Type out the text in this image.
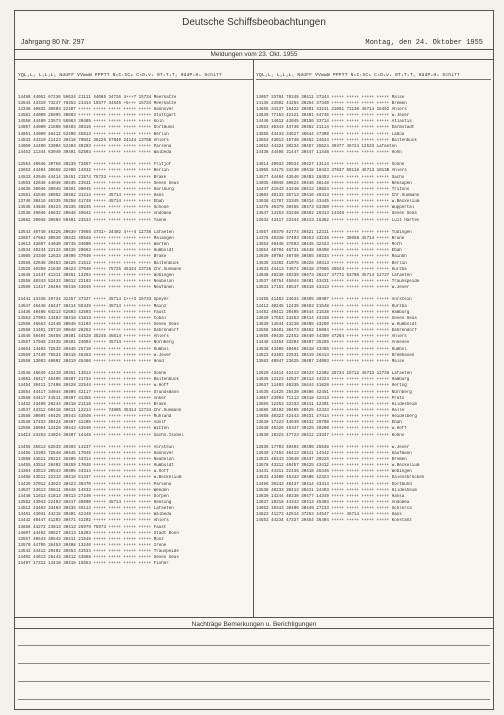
Deutsche Schiffsbeobachtungen
Jahrgang 80 Nr. 297	Montag, den 24. Oktober 1955
Meldungen vom 23. Okt. 1955

YQL₁L₁ L₁L₁L₁ NddFF VVwwW PPPTT NₕCₗhCₘ CₕDₛvₛ 0TₛTₛT₁ 0ddPₛHₛ Schiff

14488 44051 67236 50634 21111 44085 34726 4+++7 15734 Meerkatze
13544 44310 73247 76453 21414 15577 34645 +5+++ 15734 Meerkatze
14348 40832 30603 22407 +++++ +++++ +++++ +++++ +++++ Hannover
14581 44000 26995 30603 +++++ +++++ +++++ +++++ +++++ Stuttgart
14558 44400 23573 56963 30405 +++++ +++++ +++++ +++++ Köln
14057 44000 21508 50403 30316 +++++ +++++ +++++ +++++ Dortmund
14051 44000 46412 52406 45613 +++++ +++++ +++++ +++++ Berlin
14533 44310 21423 39418 70842 35226 57840 24144 1375B Ahlers
14050 44400 33004 52403 49203 +++++ +++++ +++++ +++++ Parsena
14453 11344 63040 30401 52503 +++++ +++++ +++++ +++++ Walbeda
13553 40646 30758 30239 72657 +++++ +++++ +++++ +++++ Fritjof
13653 44404 30658 32400 14832 +++++ +++++ +++++ +++++ Berlin
14533 43540 44414 35451 21574 75733 +++++ +++++ +++++ Brake
14553 42648 44048 30445 23531 +++++ +++++ +++++ +++++ Seven Seas
14635 30046 30945 30481 30045 +++++ +++++ +++++ +++++ Harlburg
13551 41546 30952 30482 31214 +++++ 45714 +++++ +++++ Hans
13746 30416 40335 35258 41748 +++++ 45714 +++++ +++++ Ebah
14536 44846 40423 35335 40245 +++++ +++++ +++++ +++++ Schone
13538 40046 48632 30848 40642 +++++ +++++ +++++ +++++ Andomea
13662 30046 30603 50401 23533 +++++ +++++ +++++ +++++ Tanne
13543 40740 46226 30639 73065 4731+ 34402 4+++4 12736 Lafaeten
13657 47663 30536 30442 40548 +++++ +++++ +++++ +++++ Malangen
14613 43607 44030 38745 34000 +++++ +++++ +++++ +++++ Warten
14534 40244 22133 30435 20663 +++++ +++++ +++++ +++++ Humboldt
14605 24340 12633 30406 37040 +++++ +++++ +++++ +++++ Brake
13556 42648 30453 38425 21512 +++++ +++++ +++++ +++++ Baltenbuck
13525 40350 21630 30423 37040 +++++ 75725 45324 13736 Chr.Suemann
14646 11447 41311 30451 13204 +++++ +++++ +++++ +++++ Wobingen
13558 40343 52433 30612 22103 +++++ +++++ +++++ +++++ Neubelon
13559 11417 26404 96416 43849 +++++ +++++ +++++ +++++ Neufanen
14441 13348 40734 32457 37347 +++++ 45714 1+++3 15733 Speyer
14547 46448 48447 38414 56349 +++++ 45714 +++++ +++++ Mainz
14436 40408 64213 52603 42503 +++++ +++++ +++++ +++++ Faust
14553 27093 14403 38416 41813 +++++ +++++ +++++ +++++ Cobal
13558 46653 42440 30648 51103 +++++ +++++ +++++ +++++ Seven Seas
13558 13401 29719 30648 28263 +++++ +++++ +++++ +++++ Dahrendorf
14545 40404 35458 30481 44528 35245 45614 +++++ +++++ Ahlers
14557 17046 23435 30481 24004 +++++ 45714 +++++ +++++ Nürnberg
14654 14403 72533 39445 25710 +++++ +++++ +++++ +++++ Kumbol
13559 17449 75534 30418 46453 +++++ +++++ +++++ +++++ w.Jever
13558 13603 40602 30419 45466 +++++ +++++ +++++ +++++ Hond
14548 46649 42419 30451 13614 +++++ +++++ +++++ +++++ Sonne
14602 46417 46405 30407 21734 +++++ +++++ +++++ +++++ Baltenbuck
14454 30411 17408 30428 32544 +++++ +++++ +++++ +++++ w.Hoff
13554 44417 34944 30405 42117 +++++ +++++ +++++ +++++ Grundsmann
13558 44417 44511 30407 31356 +++++ +++++ +++++ +++++ Anker
14432 43409 20244 30418 21116 +++++ +++++ +++++ +++++ Brake
14537 43312 50418 30611 12214 +++++ 74805 45314 12734 Chr.Suemann
13558 30604 46425 30443 43540 +++++ +++++ +++++ +++++ Ruhland
13538 17433 30424 30407 42205 +++++ +++++ +++++ +++++ Adolf
13558 10604 12428 30443 43540 +++++ +++++ +++++ +++++ Witten
14413 23253 24024 30407 14448 +++++ +++++ +++++ +++++ Sachs.Isobel
14455 35613 62533 30403 14237 +++++ +++++ +++++ +++++ Vorstein
14455 13303 72548 30446 17046 +++++ +++++ +++++ +++++ Hannover
14508 43511 20224 36405 44314 +++++ +++++ +++++ +++++ Neubelon
14455 43514 20402 30459 17046 +++++ +++++ +++++ +++++ Humboldt
14304 43513 20543 30405 44314 +++++ +++++ +++++ +++++ w.Hoff
14468 43511 22313 30418 61437 +++++ +++++ +++++ +++++ w.Beckelium
14439 37012 43923 30423 30470 +++++ +++++ +++++ +++++ Parsena
14537 13613 35811 30446 14533 +++++ +++++ +++++ +++++ Wenden
14448 11613 41813 30413 27240 +++++ +++++ +++++ +++++ Dörpen
13562 43043 22403 30417 45000 +++++ 45714 +++++ +++++ Hensing
14512 43403 33403 30435 45114 +++++ +++++ +++++ +++++ Lafaeten
14461 43041 44215 30401 42348 +++++ +++++ +++++ +++++ Walbeda
14442 40447 41203 30471 43202 +++++ +++++ +++++ +++++ Ahlers
14658 44272 23813 30413 25979 75973 +++++ +++++ +++++ Faust
14607 44462 30527 30413 16203 +++++ +++++ +++++ +++++ Stadt Bonn
13557 40543 30543 30411 21546 +++++ +++++ +++++ +++++ Monz
13570 44705 36453 30408 13240 +++++ +++++ +++++ +++++ Irene
14542 44412 20402 30453 43533 +++++ +++++ +++++ +++++ Trauspeide
14402 44613 26443 30412 43868 +++++ +++++ +++++ +++++ Seven Seas
14497 17312 14418 30415 15553 +++++ +++++ +++++ +++++ Fisher

YQL₁L₁ L₁L₁L₁ NddFF VVwwW PPPTT NₕCₗhCₘ CₕDₛvₛ 0TₛTₛT₁ 0ddPₛHₛ Schiff

14057 33704 70345 30411 37344 +++++ +++++ +++++ +++++ Malse
14135 24502 44254 30254 37340 +++++ +++++ +++++ +++++ Bremen
14655 34137 18422 30401 33241 21061 71136 45714 15492 Ahlers
13639 77153 42421 30401 44745 +++++ +++++ +++++ +++++ w.Jever
14446 14612 43045 30156 33714 +++++ +++++ +++++ +++++ Atlantis
13553 40343 44746 30402 21114 +++++ +++++ +++++ +++++ Darmstadt
14555 44433 34527 36644 47398 +++++ +++++ +++++ +++++ Laboa
13553 43813 46748 30452 24634 +++++ +++++ +++++ +++++ Baltenbuck
13653 44324 30234 30457 35524 39477 45724 12533 Lafaeten
14438 44406 31447 30447 11448 +++++ +++++ +++++ +++++ Hohn
14614 40933 39534 30427 13114 +++++ +++++ +++++ +++++ Sonne
14055 34175 34230 30418 18423 37637 55118 45713 1013B Ahlers
14577 44464 43546 30403 19453 +++++ +++++ +++++ +++++ Sachs
14035 40046 30624 30446 48148 +++++ +++++ +++++ +++++ Neksapen
14447 41543 43248 30413 10824 +++++ +++++ +++++ +++++ Tritons
14604 40133 35713 30416 45413 +++++ +++++ +++++ +++++ Chr.Suemann
13636 41707 33345 30414 43445 +++++ +++++ +++++ +++++ w.Beckelium
13376 40370 30465 30473 53350 +++++ +++++ +++++ +++++ Wuppertal
14547 14153 33248 30462 26313 14348 +++++ +++++ +++++ Seven Seas
13633 43417 33344 30413 15352 +++++ +++++ +++++ +++++ Luit Harten
14557 40370 42774 30421 12311 +++++ +++++ +++++ +++++ Tubingen
14378 40338 37403 30453 33248 +++++ 39658 45714 +++++ Brane
14553 40448 37603 30445 32423 +++++ +++++ +++++ +++++ Morh
13654 40704 46731 36448 40408 +++++ +++++ +++++ +++++ Ebah
13639 40704 40740 30455 40334 +++++ +++++ +++++ +++++ Rainbh
14535 34302 41075 30428 40313 +++++ +++++ +++++ +++++ Berlin
14533 44413 74574 30418 37065 35544 +++++ +++++ +++++ Kurzba
14648 40238 40339 30473 36247 37772 53708 45714 12737 Lafaeten
14537 40754 45044 30401 43431 +++++ +++++ +++++ +++++ Traunspeide
13633 17153 46537 30418 43413 +++++ +++++ +++++ +++++ w.Jever
14455 41403 24634 30405 30407 +++++ +++++ +++++ +++++ Vorstein
14412 40245 12435 30463 21548 +++++ +++++ +++++ +++++ Kurzba
14452 40412 20405 30444 21538 +++++ +++++ +++++ +++++ Hamburg
13639 17553 24253 30414 43338 +++++ +++++ +++++ +++++ Seven Seas
14639 14544 43238 30405 43250 +++++ +++++ +++++ +++++ w.Humboldt
13558 10401 30473 30462 15084 +++++ +++++ +++++ +++++ Dahrendorf
14655 40435 22452 30440 44350 47264 +++++ +++++ +++++ Ahlers
14446 13454 33204 30407 35265 +++++ +++++ +++++ +++++ Anneses
14538 43405 40404 30418 43465 +++++ +++++ +++++ +++++ Kumbol
14523 43403 22531 30419 46414 +++++ +++++ +++++ +++++ Bremhaven
13583 40947 23625 30407 24003 +++++ +++++ +++++ +++++ Malse
13629 43414 42413 30433 12402 35734 15712 45713 12736 Lafaeten
14636 12123 42537 30413 44324 +++++ +++++ +++++ +++++ Hamburg
13637 11403 40335 36444 41628 +++++ +++++ +++++ +++++ Hertog
14535 41425 25438 30406 42451 +++++ +++++ +++++ +++++ Nürnberg
14657 23993 71113 30418 42413 +++++ +++++ +++++ +++++ Prats
13555 12253 32333 30411 12401 +++++ +++++ +++++ +++++ Hildesheim
14685 30193 30405 30425 42333 +++++ +++++ +++++ +++++ Halle
14658 40323 42443 30431 47414 +++++ +++++ +++++ +++++ Heidelberg
13639 17223 44639 30432 20708 +++++ +++++ +++++ +++++ Ebah
13638 40326 45347 30425 40208 +++++ +++++ +++++ +++++ w.Hoff
14639 10323 47723 30412 23347 +++++ +++++ +++++ +++++ Kohns
13636 17703 40404 30406 25548 +++++ +++++ +++++ +++++ w.Jever
13639 17453 40413 30411 14342 +++++ +++++ +++++ +++++ Kaufmann
13533 40243 33640 30437 30225 +++++ +++++ +++++ +++++ Bremen
13578 43212 40457 30425 43412 +++++ +++++ +++++ +++++ w.Beckelium
14441 44311 22436 30418 45346 +++++ +++++ +++++ +++++ Wobingen
14533 43400 45343 30406 42323 +++++ +++++ +++++ +++++ Dalensbrücken
14456 30243 40437 30414 43314 +++++ +++++ +++++ +++++ Dortmund
13538 40233 30413 30411 24403 +++++ +++++ +++++ +++++ Hildesheim
13639 14244 40338 30477 14349 +++++ +++++ +++++ +++++ Hansa
13637 10318 44343 30413 45303 +++++ +++++ +++++ +++++ Andomea
14653 10343 30406 30449 27233 +++++ +++++ +++++ +++++ Schlerca
14623 41273 42514 37253 44547 +++++ 45714 +++++ +++++ Hans
14553 44234 47337 30454 36404 +++++ +++++ +++++ +++++ Konstanz
Nachträge Bemerkungen u. Berichtigungen
